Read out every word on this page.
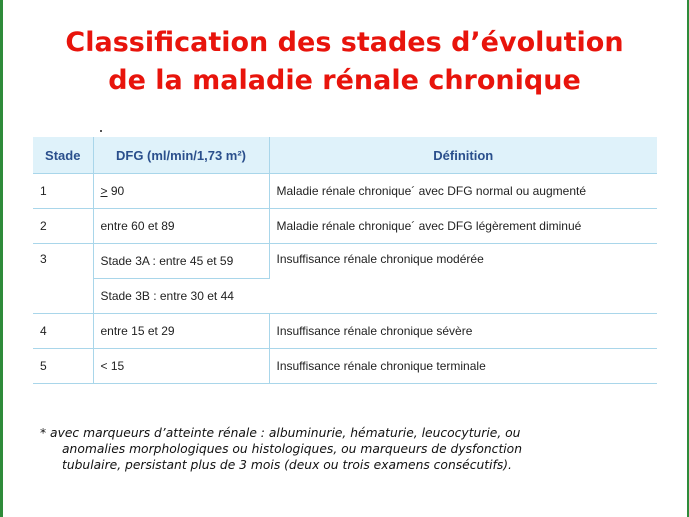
Classification des stades d’évolution
de la maladie rénale chronique
Stade	DFG (ml/min/1,73 m²)	Définition
1	≥ 90	Maladie rénale chronique´ avec DFG normal ou augmenté
2	entre 60 et 89	Maladie rénale chronique´ avec DFG légèrement diminué
3	Stade 3A : entre 45 et 59	Insuffisance rénale chronique modérée
	Stade 3B : entre 30 et 44	
4	entre 15 et 29	Insuffisance rénale chronique sévère
5	< 15	Insuffisance rénale chronique terminale
* avec marqueurs d’atteinte rénale : albuminurie, hématurie, leucocyturie, ou
anomalies morphologiques ou histologiques, ou marqueurs de dysfonction
tubulaire, persistant plus de 3 mois (deux ou trois examens consécutifs).
